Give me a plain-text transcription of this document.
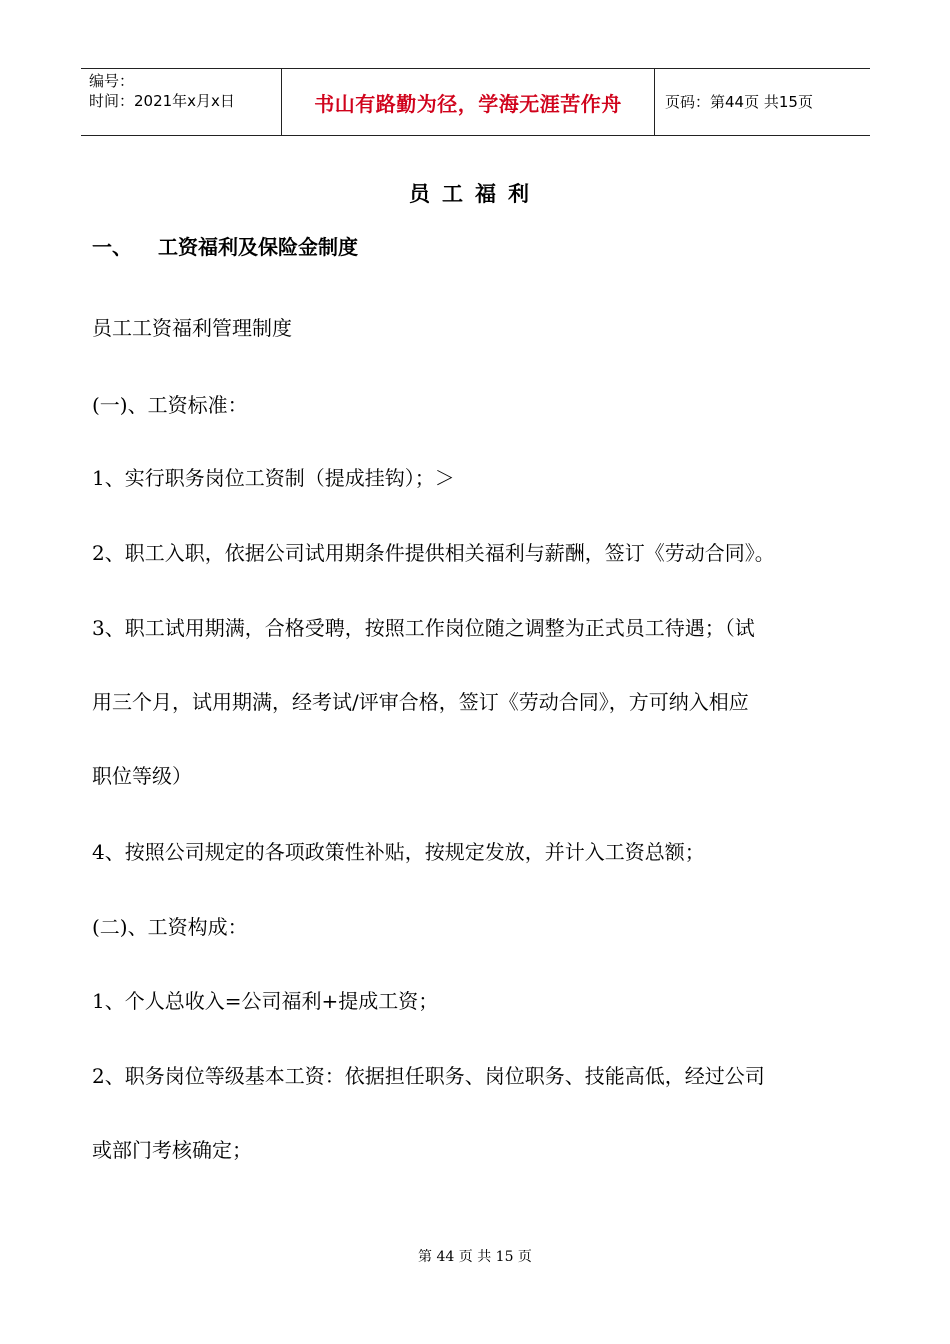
编号：
时间：2021年x月x日	书山有路勤为径，学海无涯苦作舟	页码：第44页 共15页
员工福利
一、 工资福利及保险金制度
员工工资福利管理制度
(一)、工资标准：
1、实行职务岗位工资制（提成挂钩）；＞
2、职工入职，依据公司试用期条件提供相关福利与薪酬，签订《劳动合同》。
3、职工试用期满，合格受聘，按照工作岗位随之调整为正式员工待遇；（试
用三个月，试用期满，经考试/评审合格，签订《劳动合同》，方可纳入相应
职位等级）
4、按照公司规定的各项政策性补贴，按规定发放，并计入工资总额；
(二)、工资构成：
1、个人总收入=公司福利+提成工资；
2、职务岗位等级基本工资：依据担任职务、岗位职务、技能高低，经过公司
或部门考核确定；
第 44 页 共 15 页
